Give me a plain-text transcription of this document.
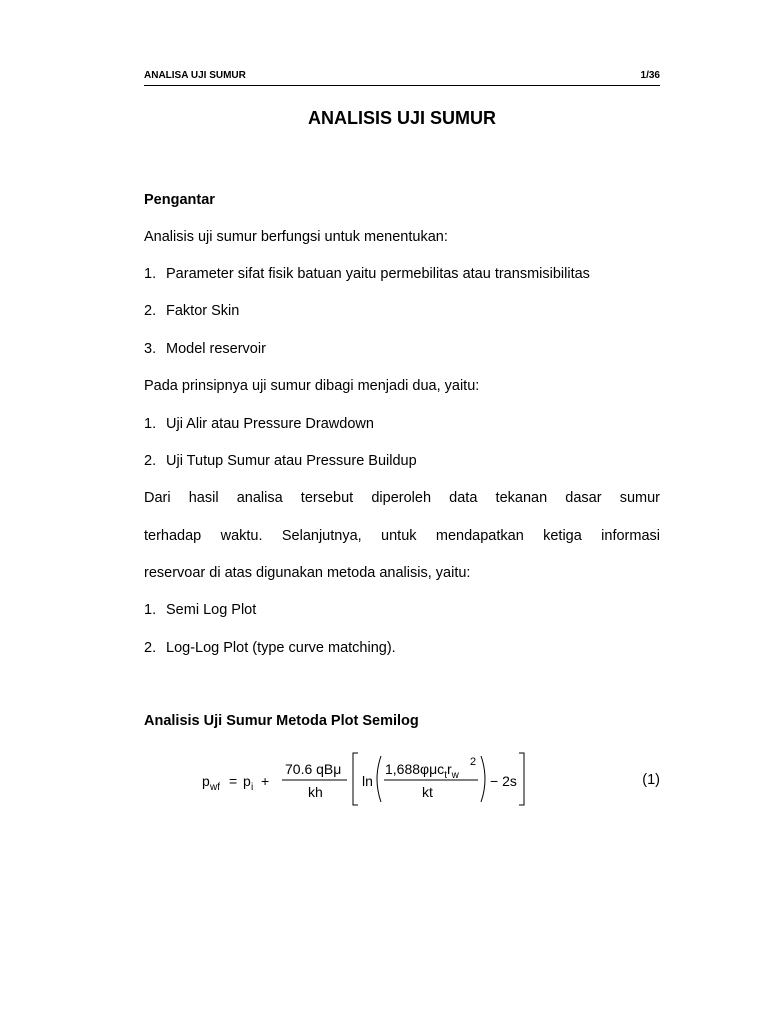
ANALISA UJI SUMUR	1/36
ANALISIS UJI SUMUR
Pengantar
Analisis uji sumur berfungsi untuk menentukan:
1. Parameter sifat fisik batuan yaitu permebilitas atau transmisibilitas
2. Faktor Skin
3. Model reservoir
Pada prinsipnya uji sumur dibagi menjadi dua, yaitu:
1. Uji Alir atau Pressure Drawdown
2. Uji Tutup Sumur atau Pressure Buildup
Dari hasil analisa tersebut diperoleh data tekanan dasar sumur
terhadap waktu. Selanjutnya, untuk mendapatkan ketiga informasi
reservoar di atas digunakan metoda analisis, yaitu:
1. Semi Log Plot
2. Log-Log Plot (type curve matching).
Analisis Uji Sumur Metoda Plot Semilog
p wf = p i +
70.6 qBμ
kh
ln
$1,688\varphi\mu c_tr_w$
2
kt
− 2s	(1)
